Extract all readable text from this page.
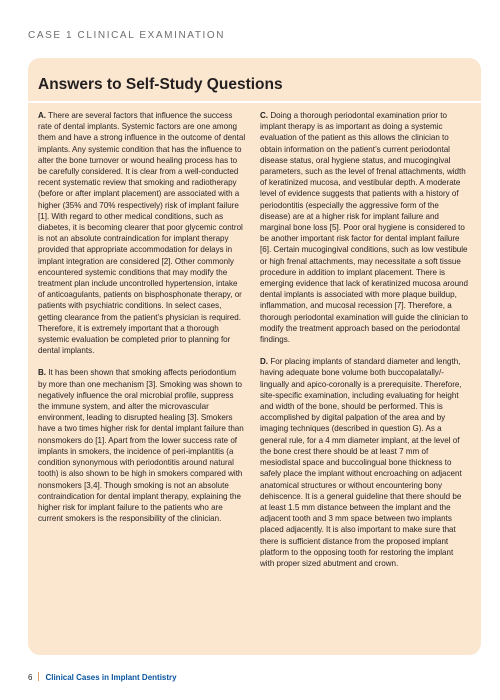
CASE 1 CLINICAL EXAMINATION
Answers to Self-Study Questions

A. There are several factors that influence the success rate of dental implants. Systemic factors are one among them and have a strong influence in the outcome of dental implants. Any systemic condition that has the influence to alter the bone turnover or wound healing process has to be carefully considered. It is clear from a well-conducted recent systematic review that smoking and radiotherapy (before or after implant placement) are associated with a higher (35% and 70% respectively) risk of implant failure [1]. With regard to other medical conditions, such as diabetes, it is becoming clearer that poor glycemic control is not an absolute contraindication for implant therapy provided that appropriate accommodation for delays in implant integration are considered [2]. Other commonly encountered systemic conditions that may modify the treatment plan include uncontrolled hypertension, intake of anticoagulants, patients on bisphosphonate therapy, or patients with psychiatric conditions. In select cases, getting clearance from the patient’s physician is required. Therefore, it is extremely important that a thorough systemic evaluation be completed prior to planning for dental implants.

B. It has been shown that smoking affects periodontium by more than one mechanism [3]. Smoking was shown to negatively influence the oral microbial profile, suppress the immune system, and alter the microvascular environment, leading to disrupted healing [3]. Smokers have a two times higher risk for dental implant failure than nonsmokers do [1]. Apart from the lower success rate of implants in smokers, the incidence of peri-implantitis (a condition synonymous with periodontitis around natural tooth) is also shown to be high in smokers compared with nonsmokers [3,4]. Though smoking is not an absolute contraindication for dental implant therapy, explaining the higher risk for implant failure to the patients who are current smokers is the responsibility of the clinician.

C. Doing a thorough periodontal examination prior to implant therapy is as important as doing a systemic evaluation of the patient as this allows the clinician to obtain information on the patient’s current periodontal disease status, oral hygiene status, and mucogingival parameters, such as the level of frenal attachments, width of keratinized mucosa, and vestibular depth. A moderate level of evidence suggests that patients with a history of periodontitis (especially the aggressive form of the disease) are at a higher risk for implant failure and marginal bone loss [5]. Poor oral hygiene is considered to be another important risk factor for dental implant failure [6]. Certain mucogingival conditions, such as low vestibule or high frenal attachments, may necessitate a soft tissue procedure in addition to implant placement. There is emerging evidence that lack of keratinized mucosa around dental implants is associated with more plaque buildup, inflammation, and mucosal recession [7]. Therefore, a thorough periodontal examination will guide the clinician to modify the treatment approach based on the periodontal findings.

D. For placing implants of standard diameter and length, having adequate bone volume both buccopalatally/-lingually and apico-coronally is a prerequisite. Therefore, site-specific examination, including evaluating for height and width of the bone, should be performed. This is accomplished by digital palpation of the area and by imaging techniques (described in question G). As a general rule, for a 4 mm diameter implant, at the level of the bone crest there should be at least 7 mm of mesiodistal space and buccolingual bone thickness to safely place the implant without encroaching on adjacent anatomical structures or without encountering bony dehiscence. It is a general guideline that there should be at least 1.5 mm distance between the implant and the adjacent tooth and 3 mm space between two implants placed adjacently. It is also important to make sure that there is sufficient distance from the proposed implant platform to the opposing tooth for restoring the implant with proper sized abutment and crown.

6 Clinical Cases in Implant Dentistry
